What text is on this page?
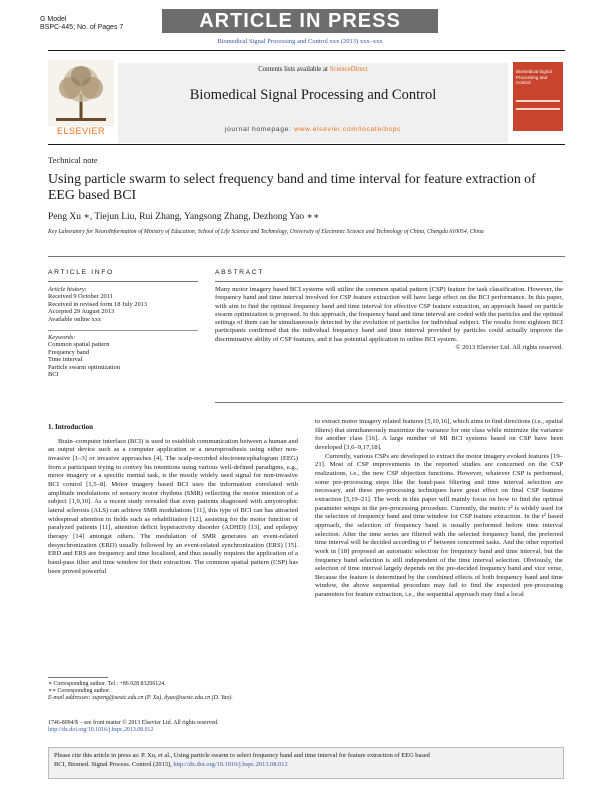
G Model
BSPC-445; No. of Pages 7	ARTICLE IN PRESS
Biomedical Signal Processing and Control xxx (2013) xxx–xxx
ELSEVIER
Contents lists available at ScienceDirect
Biomedical Signal Processing and Control
journal homepage: www.elsevier.com/locate/bspc
Biomedical Signal Processing and Control
Technical note
Using particle swarm to select frequency band and time interval for feature extraction of EEG based BCI
Peng Xu ∗, Tiejun Liu, Rui Zhang, Yangsong Zhang, Dezhong Yao ∗∗
Key Laboratory for NeuroInformation of Ministry of Education, School of Life Science and Technology, University of Electronic Science and Technology of China, Chengdu 610054, China
ARTICLE INFO
Article history:
Received 9 October 2011
Received in revised form 18 July 2013
Accepted 29 August 2013
Available online xxx
Keywords:
Common spatial pattern
Frequency band
Time interval
Particle swarm optimization
BCI
ABSTRACT
Many motor imagery based BCI systems will utilize the common spatial pattern (CSP) feature for task classification. However, the frequency band and time interval involved for CSP feature extraction will have large effect on the BCI performance. In this paper, with aim to find the optimal frequency band and time interval for effective CSP feature extraction, an approach based on particle swarm optimization is proposed. In this approach, the frequency band and time interval are coded with the particles and the optimal settings of them can be simultaneously detected by the evolution of particles for individual subject. The results from eighteen BCI participants confirmed that the individual frequency band and time interval provided by particles could actually improve the discriminative ability of CSP features, and it has potential application in online BCI system.
© 2013 Elsevier Ltd. All rights reserved.
1. Introduction

Brain–computer interface (BCI) is used to establish communication between a human and an output device such as a computer application or a neuroprosthesis using either non-invasive [1–3] or invasive approaches [4]. The scalp-recorded electroencephalogram (EEG) from a participant trying to convey his intentions using various well-defined paradigms, e.g., motor imagery or a specific mental task, is the mostly widely used signal for non-invasive BCI control [1,5–8]. Motor imagery based BCI uses the information correlated with amplitude modulations of sensory motor rhythms (SMR) reflecting the motor intention of a subject [1,9,10]. As a recent study revealed that even patients diagnosed with amyotrophic lateral sclerosis (ALS) can achieve SMR modulations [11], this type of BCI can has attracted widespread attention in fields such as rehabilitation [12], assisting for the motor function of paralyzed patients [11], attention deficit hyperactivity disorder (ADHD) [13], and epilepsy therapy [14] amongst others. The modulation of SMR generates an event-related desynchronization (ERD) usually followed by an event-related synchronization (ERS) [15]. ERD and ERS are frequency and time localized, and thus usually requires the application of a band-pass filter and time window for their extraction. The common spatial pattern (CSP) has been proved powerful

to extract motor imagery related features [5,10,16], which aims to find directions (i.e., spatial filters) that simultaneously maximize the variance for one class while minimize the variance for another class [16]. A large number of MI BCI systems based on CSP have been developed [3,6–9,17,18].

Currently, various CSPs are developed to extract the motor imagery evoked features [19–21]. Most of CSP improvements in the reported studies are concerned on the CSP realizations, i.e., the new CSP objection functions. However, whatever CSP is performed, some pre-processing steps like the band-pass filtering and time interval selection are necessary, and these pre-processing techniques have great effect on final CSP features extraction [5,19–21]. The work in this paper will mainly focus on how to find the optimal parameter setups in the pre-processing procedure. Currently, the metric r² is widely used for the selection of frequency band and time window for CSP feature extraction. In the r² based approach, the selection of frequency band is usually performed before time interval selection. After the time series are filtered with the selected frequency band, the preferred time interval will be decided according to r² between concerned tasks. And the other reported work in [18] proposed an automatic selection for frequency band and time interval, but the frequency band selection is still independent of the time interval selection. Obviously, the selection of time interval largely depends on the pre-decided frequency band and vice verse, Because the feature is determined by the combined effects of both frequency band and time window, the above sequential procedure may fail to find the expected pre-processing parameters for feature extraction, i.e., the sequential approach may find a local

∗ Corresponding author. Tel.: +86 028 83206124.
∗∗ Corresponding author.
E-mail addresses: xupeng@uestc.edu.cn (P. Xu), dyao@uestc.edu.cn (D. Yao).
1746-8094/$ – see front matter © 2013 Elsevier Ltd. All rights reserved.
http://dx.doi.org/10.1016/j.bspc.2013.08.012
Please cite this article in press as: P. Xu, et al., Using particle swarm to select frequency band and time interval for feature extraction of EEG based
BCI, Biomed. Signal Process. Control (2013), http://dx.doi.org/10.1016/j.bspc.2013.08.012
